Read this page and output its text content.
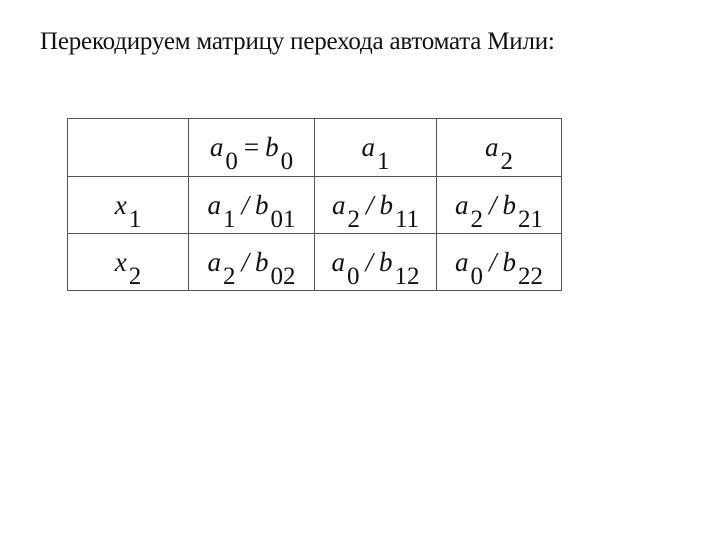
Перекодируем матрицу перехода автомата Мили:
	a0 = b0	a1	a2
x1	a1 / b01	a2 / b11	a2 / b21
x2	a2 / b02	a0 / b12	a0 / b22
